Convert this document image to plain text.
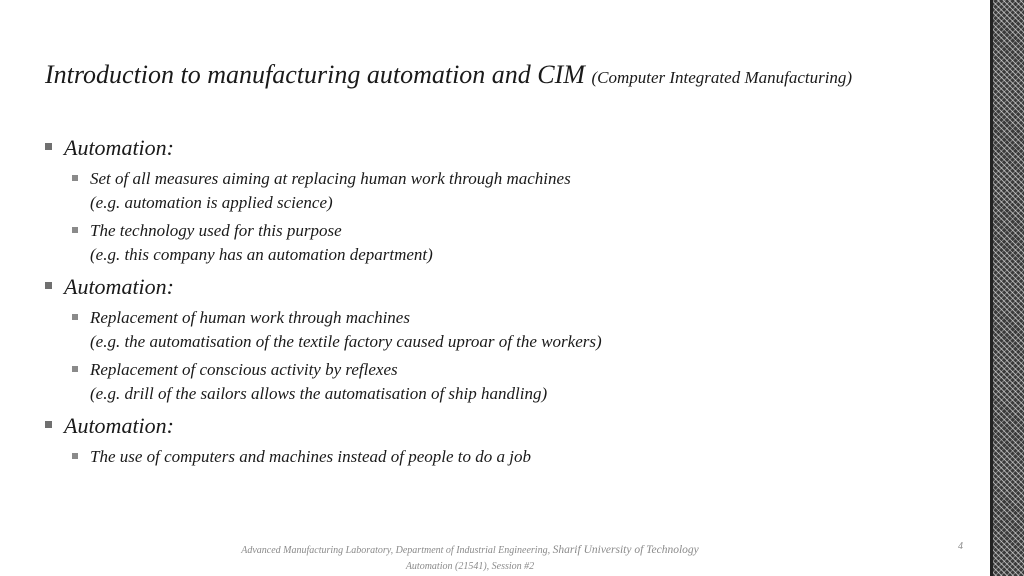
Introduction to manufacturing automation and CIM (Computer Integrated Manufacturing)
Automation:
Set of all measures aiming at replacing human work through machines
(e.g. automation is applied science)
The technology used for this purpose
(e.g. this company has an automation department)
Automation:
Replacement of human work through machines
(e.g. the automatisation of the textile factory caused uproar of the workers)
Replacement of conscious activity by reflexes
(e.g. drill of the sailors allows the automatisation of ship handling)
Automation:
The use of computers and machines instead of people to do a job
Advanced Manufacturing Laboratory, Department of Industrial Engineering, Sharif University of Technology
Automation (21541), Session #2
4
